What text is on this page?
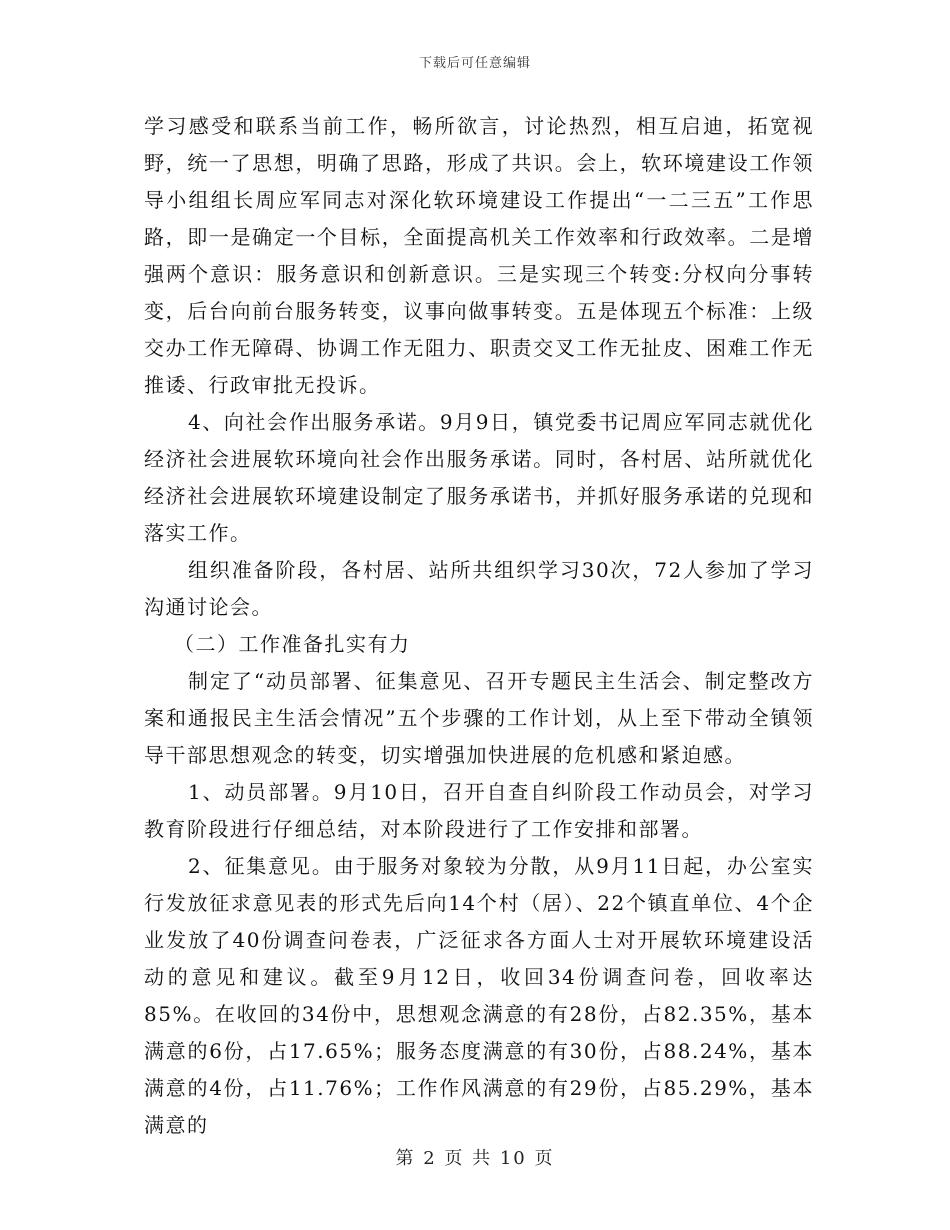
下载后可任意编辑

学习感受和联系当前工作，畅所欲言，讨论热烈，相互启迪，拓宽视野，统一了思想，明确了思路，形成了共识。会上，软环境建设工作领导小组组长周应军同志对深化软环境建设工作提出“一二三五”工作思路，即一是确定一个目标，全面提高机关工作效率和行政效率。二是增强两个意识：服务意识和创新意识。三是实现三个转变:分权向分事转变，后台向前台服务转变，议事向做事转变。五是体现五个标准：上级交办工作无障碍、协调工作无阻力、职责交叉工作无扯皮、困难工作无推诿、行政审批无投诉。

4、向社会作出服务承诺。9月9日，镇党委书记周应军同志就优化经济社会进展软环境向社会作出服务承诺。同时，各村居、站所就优化经济社会进展软环境建设制定了服务承诺书，并抓好服务承诺的兑现和落实工作。

组织准备阶段，各村居、站所共组织学习30次，72人参加了学习沟通讨论会。

（二）工作准备扎实有力

制定了“动员部署、征集意见、召开专题民主生活会、制定整改方案和通报民主生活会情况”五个步骤的工作计划，从上至下带动全镇领导干部思想观念的转变，切实增强加快进展的危机感和紧迫感。

1、动员部署。9月10日，召开自查自纠阶段工作动员会，对学习教育阶段进行仔细总结，对本阶段进行了工作安排和部署。

2、征集意见。由于服务对象较为分散，从9月11日起，办公室实行发放征求意见表的形式先后向14个村（居）、22个镇直单位、4个企业发放了40份调查问卷表，广泛征求各方面人士对开展软环境建设活动的意见和建议。截至9月12日，收回34份调查问卷，回收率达85%。在收回的34份中，思想观念满意的有28份，占82.35%，基本满意的6份，占17.65%；服务态度满意的有30份，占88.24%，基本满意的4份，占11.76%；工作作风满意的有29份，占85.29%，基本满意的

第 2 页 共 10 页
